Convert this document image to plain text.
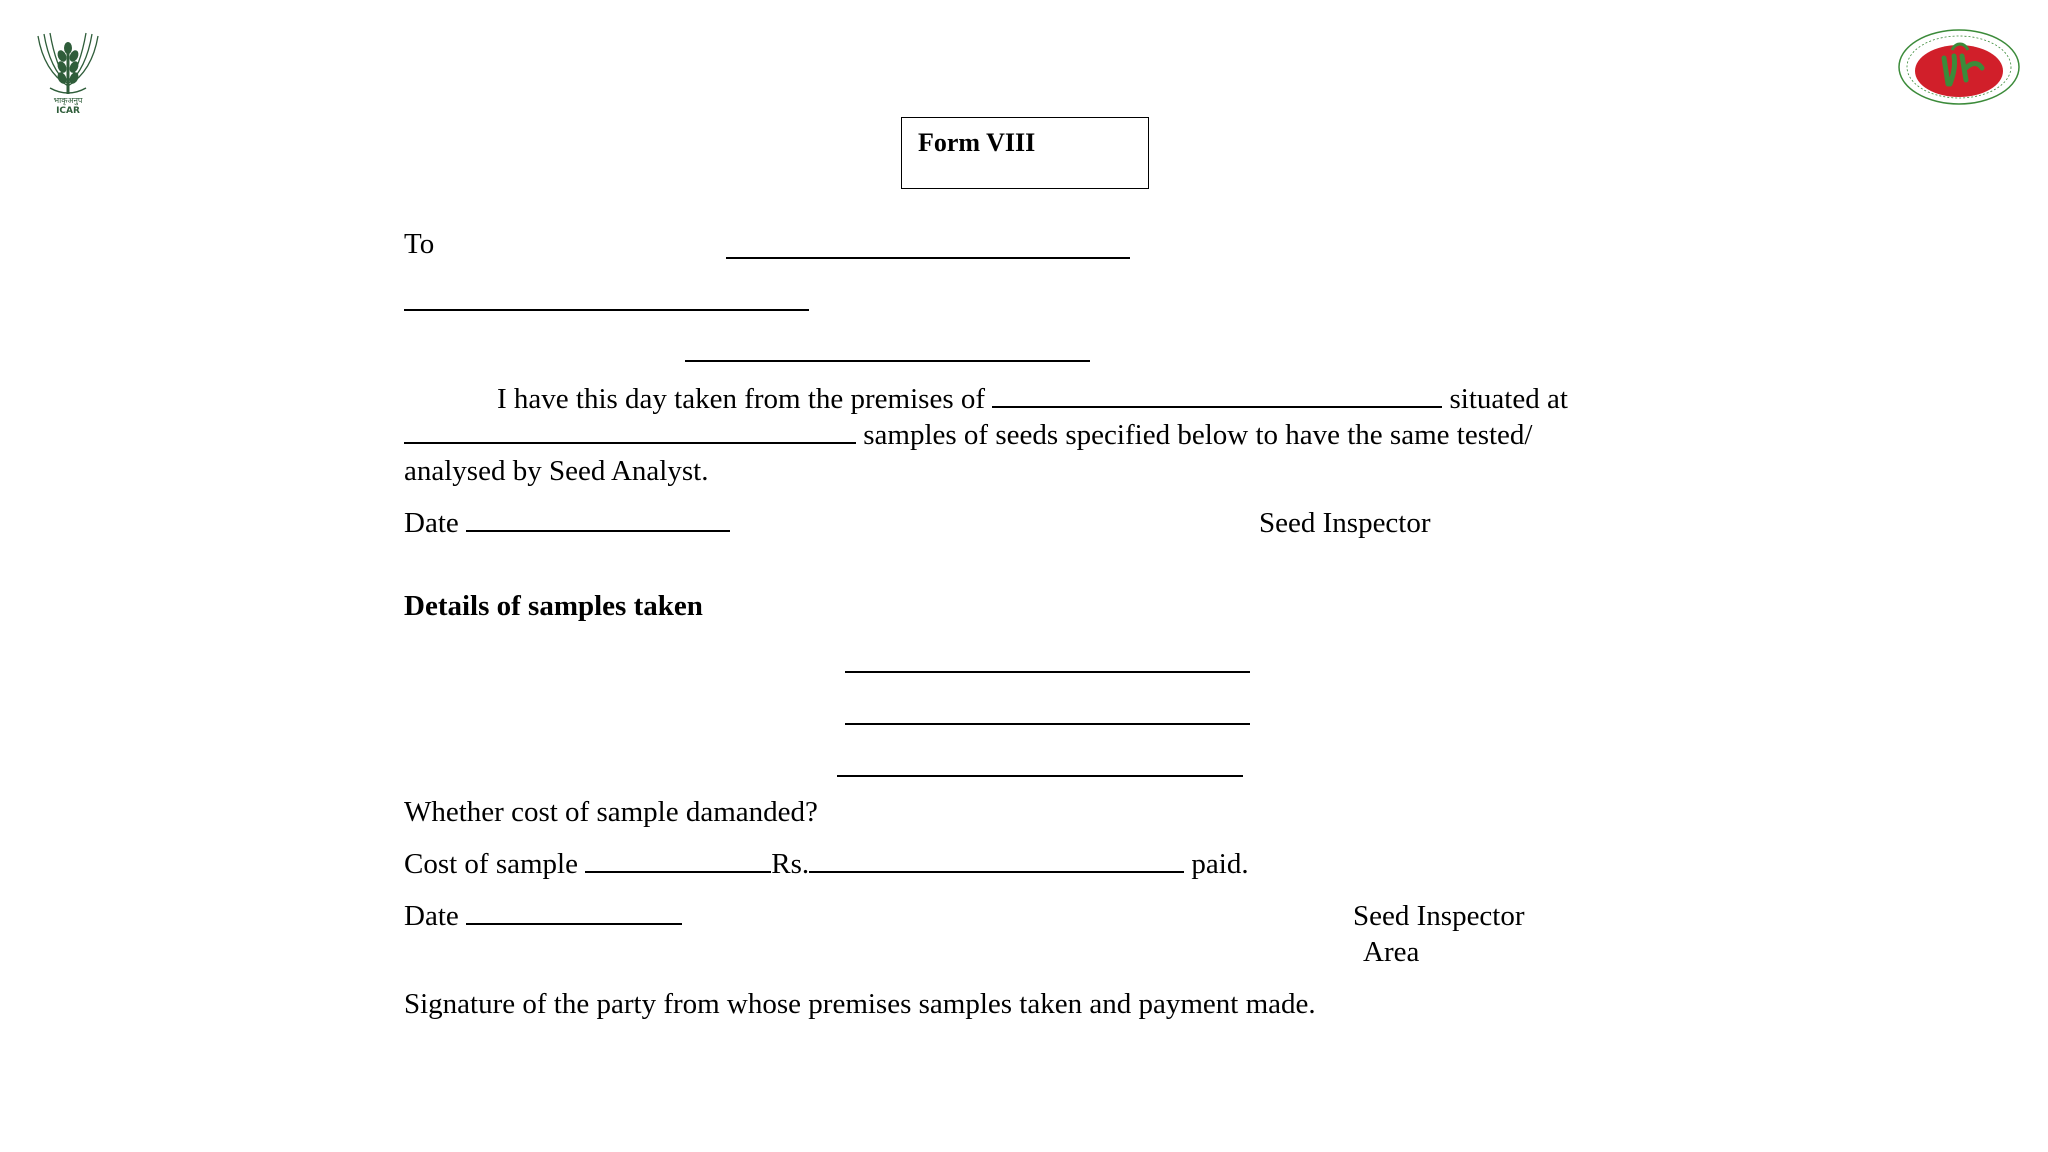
भाकृअनुप
ICAR
Form VIII
To
I have this day taken from the premises of	situated at
samples of seeds specified below to have the same tested/
analysed by Seed Analyst.
Date	Seed Inspector
Details of samples taken
Whether cost of sample damanded?
Cost of sample	Rs.	paid.
Date	Seed Inspector
Area
Signature of the party from whose premises samples taken and payment made.
